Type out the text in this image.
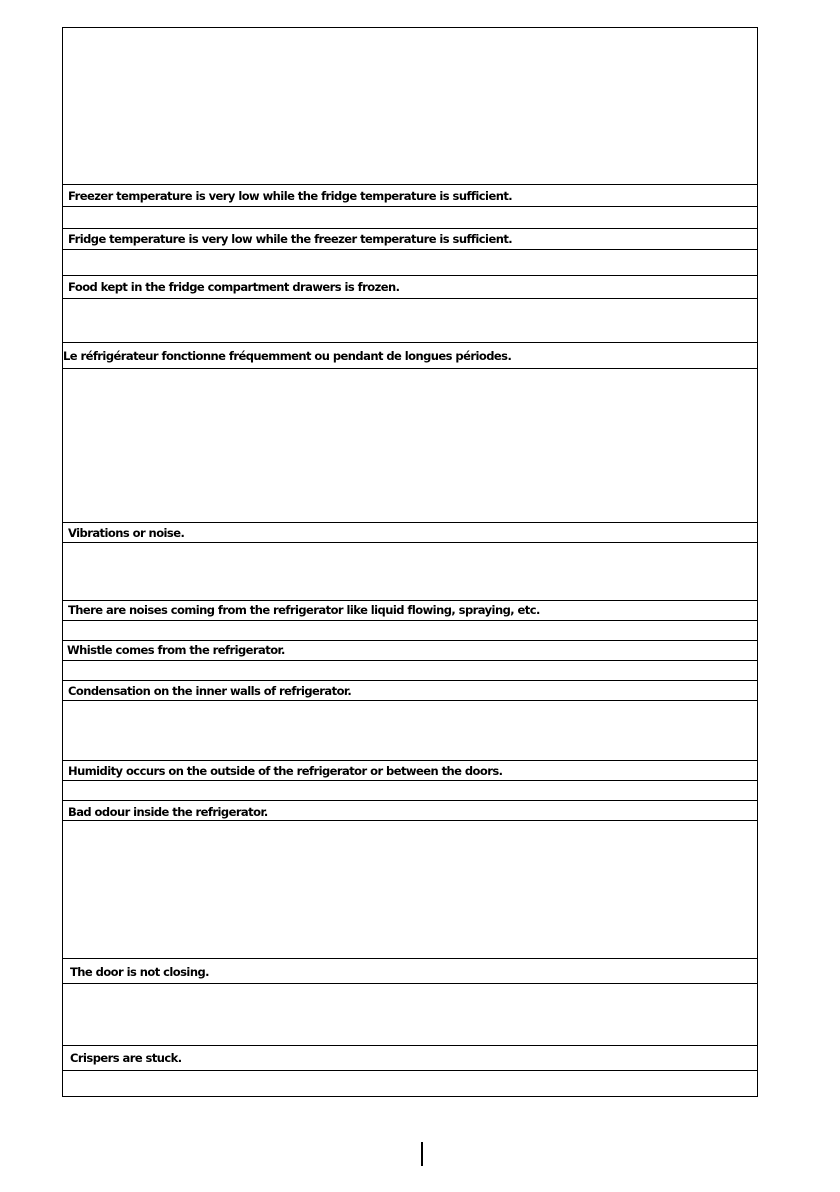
Freezer temperature is very low while the fridge temperature is sufficient.
Fridge temperature is very low while the freezer temperature is sufficient.
Food kept in the fridge compartment drawers is frozen.
Le réfrigérateur fonctionne fréquemment ou pendant de longues périodes.
Vibrations or noise.
There are noises coming from the refrigerator like liquid flowing, spraying, etc.
Whistle comes from the refrigerator.
Condensation on the inner walls of refrigerator.
Humidity occurs on the outside of the refrigerator or between the doors.
Bad odour inside the refrigerator.
The door is not closing.
Crispers are stuck.
